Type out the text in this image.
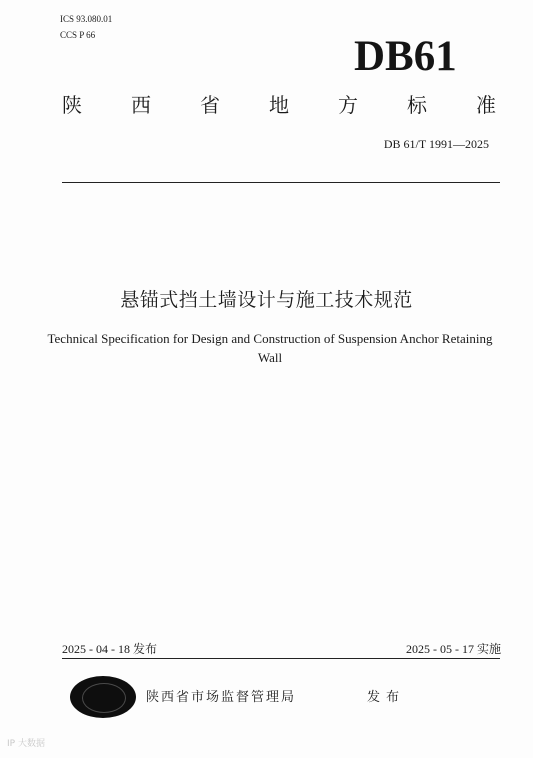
ICS 93.080.01
CCS P 66	DB61
陕 西 省 地 方 标 准
DB 61/T 1991—2025
悬锚式挡土墙设计与施工技术规范
Technical Specification for Design and Construction of Suspension Anchor Retaining Wall
2025 - 04 - 18 发布	2025 - 05 - 17 实施
陕西省市场监督管理局	发布
IP 大数据
